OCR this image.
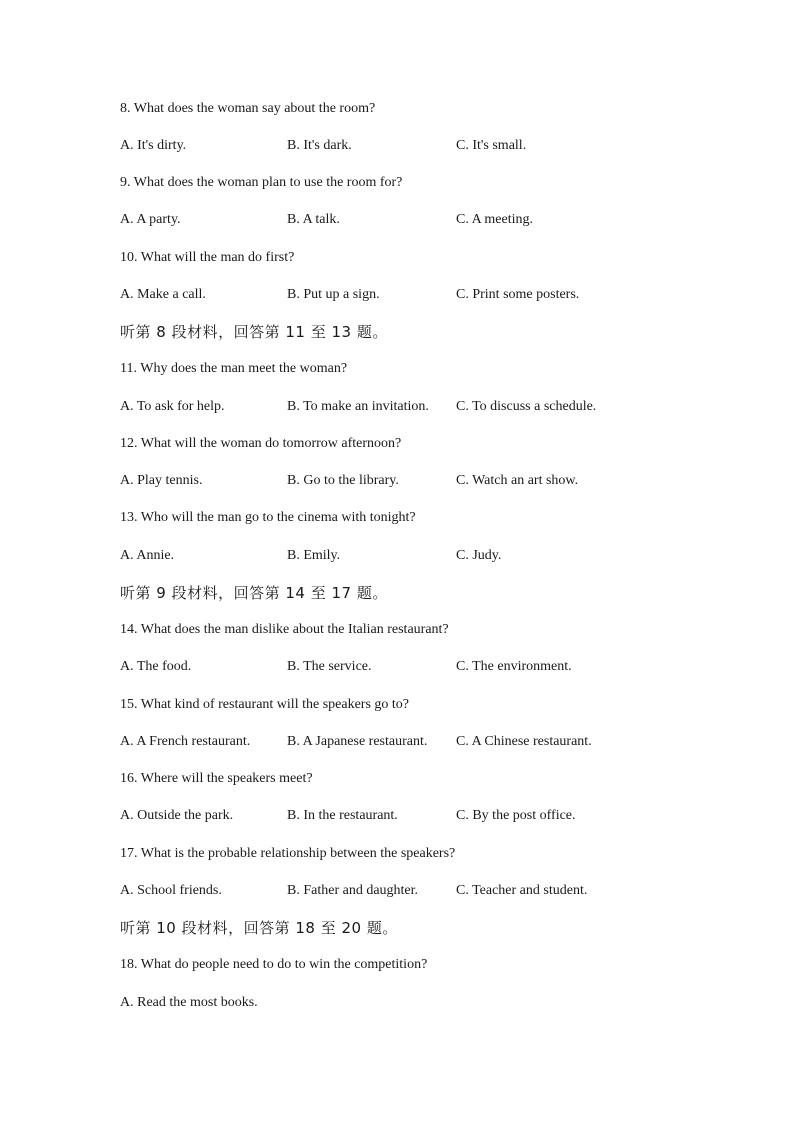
8. What does the woman say about the room?
A. It's dirty.	B. It's dark.	C. It's small.
9. What does the woman plan to use the room for?
A. A party.	B. A talk.	C. A meeting.
10. What will the man do first?
A. Make a call.	B. Put up a sign.	C. Print some posters.
听第 8 段材料，回答第 11 至 13 题。
11. Why does the man meet the woman?
A. To ask for help.	B. To make an invitation. C. To discuss a schedule.
12. What will the woman do tomorrow afternoon?
A. Play tennis.	B. Go to the library.	C. Watch an art show.
13. Who will the man go to the cinema with tonight?
A. Annie.	B. Emily.	C. Judy.
听第 9 段材料，回答第 14 至 17 题。
14. What does the man dislike about the Italian restaurant?
A. The food.	B. The service.	C. The environment.
15. What kind of restaurant will the speakers go to?
A. A French restaurant.	B. A Japanese restaurant. C. A Chinese restaurant.
16. Where will the speakers meet?
A. Outside the park.	B. In the restaurant.	C. By the post office.
17. What is the probable relationship between the speakers?
A. School friends.	B. Father and daughter.	C. Teacher and student.
听第 10 段材料，回答第 18 至 20 题。
18. What do people need to do to win the competition?
A. Read the most books.
